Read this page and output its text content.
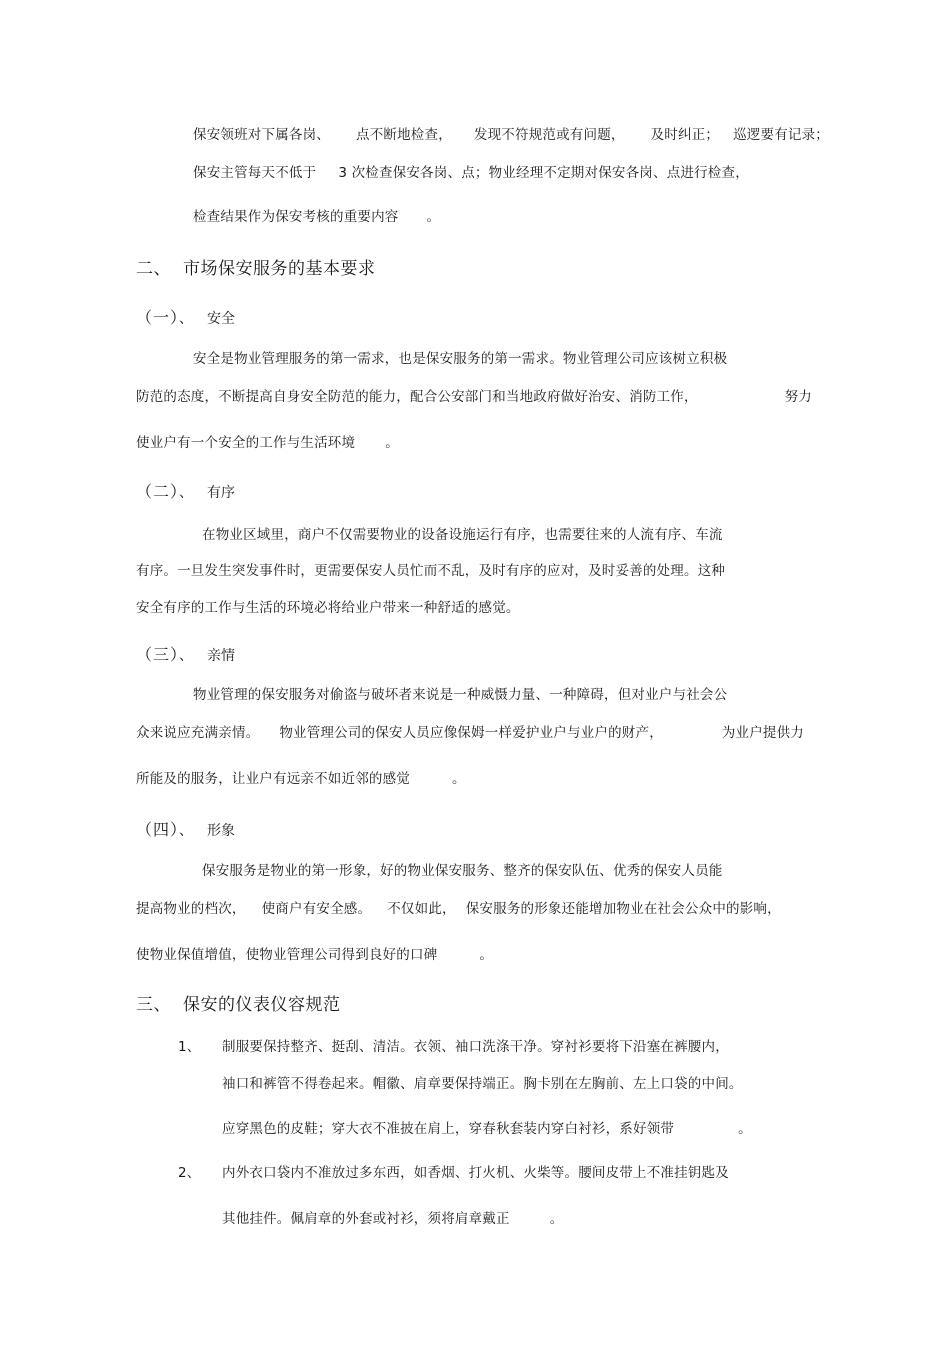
保安领班对下属各岗、 点不断地检查， 发现不符规范或有问题， 及时纠正； 巡逻要有记录；
保安主管每天不低于 3 次检查保安各岗、点；物业经理不定期对保安各岗、点进行检查，
检查结果作为保安考核的重要内容 。
二、 市场保安服务的基本要求
（一）、 安全
安全是物业管理服务的第一需求，也是保安服务的第一需求。物业管理公司应该树立积极
防范的态度，不断提高自身安全防范的能力，配合公安部门和当地政府做好治安、消防工作，	努力
使业户有一个安全的工作与生活环境 。
（二）、 有序
在物业区域里，商户不仅需要物业的设备设施运行有序，也需要往来的人流有序、车流
有序。一旦发生突发事件时，更需要保安人员忙而不乱，及时有序的应对，及时妥善的处理。这种
安全有序的工作与生活的环境必将给业户带来一种舒适的感觉。
（三）、 亲情
物业管理的保安服务对偷盗与破坏者来说是一种威慑力量、一种障碍，但对业户与社会公
众来说应充满亲情。 物业管理公司的保安人员应像保姆一样爱护业户与业户的财产，	为业户提供力
所能及的服务，让业户有远亲不如近邻的感觉	。
（四）、 形象
保安服务是物业的第一形象，好的物业保安服务、整齐的保安队伍、优秀的保安人员能
提高物业的档次， 使商户有安全感。 不仅如此， 保安服务的形象还能增加物业在社会公众中的影响，
使物业保值增值，使物业管理公司得到良好的口碑	。
三、 保安的仪表仪容规范
1、 制服要保持整齐、挺刮、清洁。衣领、袖口洗涤干净。穿衬衫要将下沿塞在裤腰内，
袖口和裤管不得卷起来。帽徽、肩章要保持端正。胸卡别在左胸前、左上口袋的中间。
应穿黑色的皮鞋；穿大衣不准披在肩上，穿春秋套装内穿白衬衫，系好领带	。
2、 内外衣口袋内不准放过多东西，如香烟、打火机、火柴等。腰间皮带上不准挂钥匙及
其他挂件。佩肩章的外套或衬衫，须将肩章戴正	。
